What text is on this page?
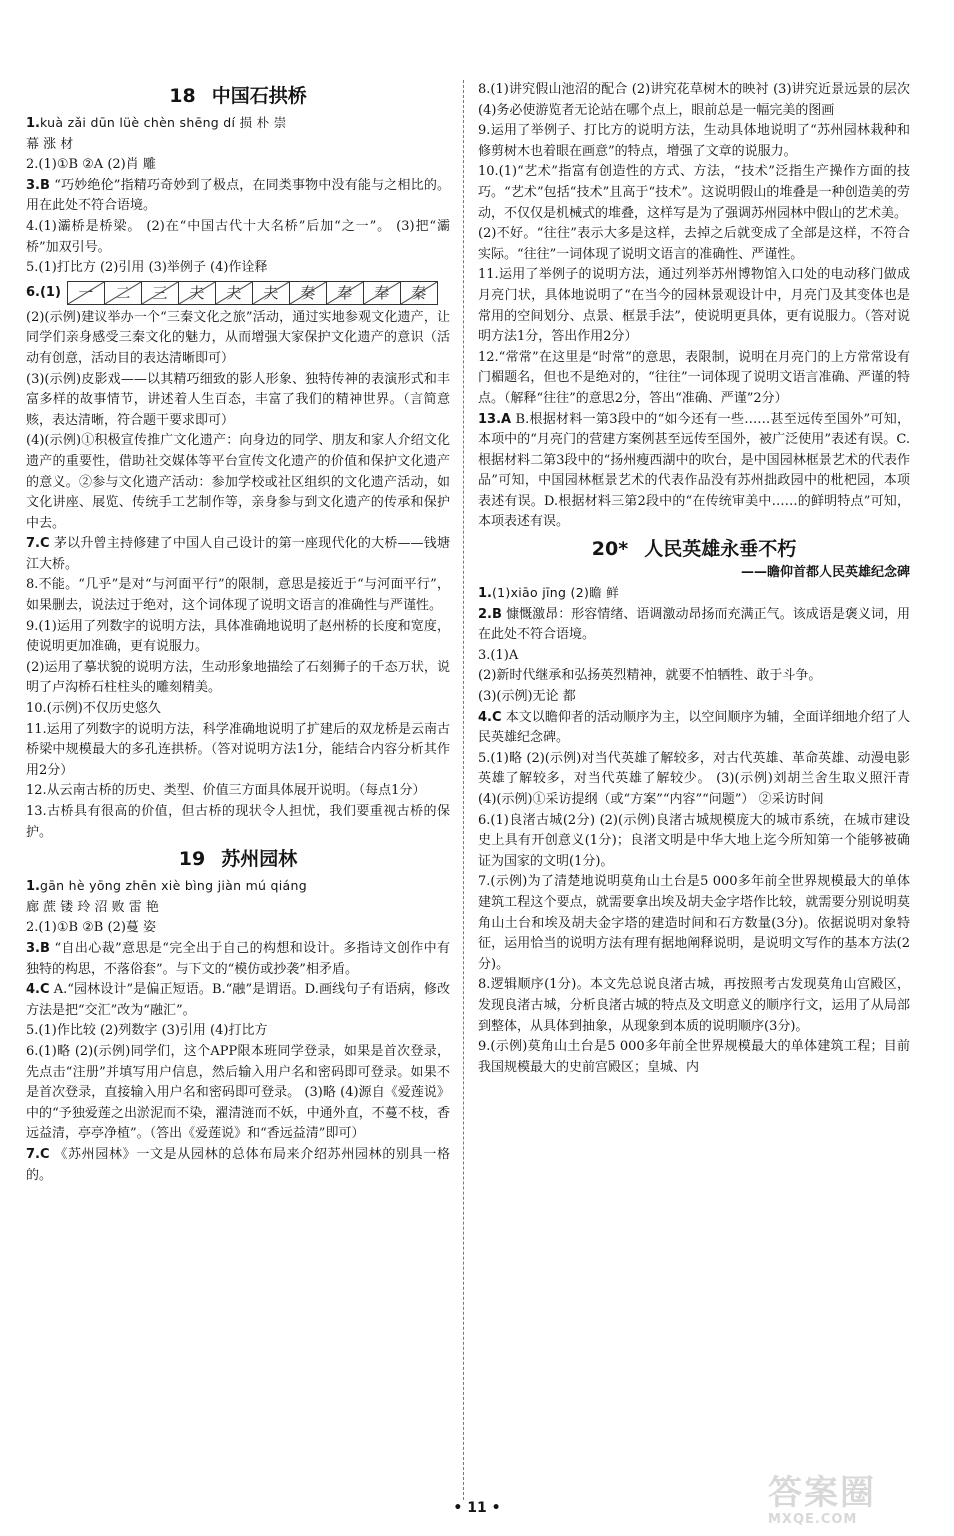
18 中国石拱桥

1.kuà zǎi dūn lüè chèn shēng dí 损 朴 崇

幕 涨 材

2.(1)①B ②A (2)肖 雕

3.B “巧妙绝伦”指精巧奇妙到了极点，在同类事物中没有能与之相比的。用在此处不符合语境。

4.(1)灞桥是桥梁。 (2)在“中国古代十大名桥”后加“之一”。 (3)把“灞桥”加双引号。

5.(1)打比方 (2)引用 (3)举例子 (4)作诠释

6.(1)	一	二	三	夫	夫	夫	奏	奉	奉	秦

(2)(示例)建议举办一个“三秦文化之旅”活动，通过实地参观文化遗产，让同学们亲身感受三秦文化的魅力，从而增强大家保护文化遗产的意识（活动有创意，活动目的表达清晰即可）

(3)(示例)皮影戏——以其精巧细致的影人形象、独特传神的表演形式和丰富多样的故事情节，讲述着人生百态，丰富了我们的精神世界。（言简意赅，表达清晰，符合题干要求即可）

(4)(示例)①积极宣传推广文化遗产：向身边的同学、朋友和家人介绍文化遗产的重要性，借助社交媒体等平台宣传文化遗产的价值和保护文化遗产的意义。②参与文化遗产活动：参加学校或社区组织的文化遗产活动，如文化讲座、展览、传统手工艺制作等，亲身参与到文化遗产的传承和保护中去。

7.C 茅以升曾主持修建了中国人自己设计的第一座现代化的大桥——钱塘江大桥。

8.不能。“几乎”是对“与河面平行”的限制，意思是接近于“与河面平行”，如果删去，说法过于绝对，这个词体现了说明文语言的准确性与严谨性。

9.(1)运用了列数字的说明方法，具体准确地说明了赵州桥的长度和宽度，使说明更加准确，更有说服力。

(2)运用了摹状貌的说明方法，生动形象地描绘了石刻狮子的千态万状，说明了卢沟桥石柱柱头的雕刻精美。

10.(示例)不仅历史悠久

11.运用了列数字的说明方法，科学准确地说明了扩建后的双龙桥是云南古桥梁中规模最大的多孔连拱桥。（答对说明方法1分，能结合内容分析其作用2分）

12.从云南古桥的历史、类型、价值三方面具体展开说明。（每点1分）

13.古桥具有很高的价值，但古桥的现状令人担忧，我们要重视古桥的保护。

19 苏州园林

1.gān hè yōng zhēn xiè bìng jiàn mú qiáng

廊 蔗 镂 玲 沼 败 雷 艳

2.(1)①B ②B (2)蔓 姿

3.B “自出心裁”意思是“完全出于自己的构想和设计。多指诗文创作中有独特的构思，不落俗套”。与下文的“模仿或抄袭”相矛盾。

4.C A.“园林设计”是偏正短语。B.“融”是谓语。D.画线句子有语病，修改方法是把“交汇”改为“融汇”。

5.(1)作比较 (2)列数字 (3)引用 (4)打比方

6.(1)略 (2)(示例)同学们，这个APP限本班同学登录，如果是首次登录，先点击“注册”并填写用户信息，然后输入用户名和密码即可登录。如果不是首次登录，直接输入用户名和密码即可登录。 (3)略 (4)源自《爱莲说》中的“予独爱莲之出淤泥而不染，濯清涟而不妖，中通外直，不蔓不枝，香远益清，亭亭净植”。（答出《爱莲说》和“香远益清”即可）

7.C 《苏州园林》一文是从园林的总体布局来介绍苏州园林的别具一格的。

8.(1)讲究假山池沼的配合 (2)讲究花草树木的映衬 (3)讲究近景远景的层次 (4)务必使游览者无论站在哪个点上，眼前总是一幅完美的图画

9.运用了举例子、打比方的说明方法，生动具体地说明了“苏州园林栽种和修剪树木也着眼在画意”的特点，增强了文章的说服力。

10.(1)“艺术”指富有创造性的方式、方法，“技术”泛指生产操作方面的技巧。“艺术”包括“技术”且高于“技术”。这说明假山的堆叠是一种创造美的劳动，不仅仅是机械式的堆叠，这样写是为了强调苏州园林中假山的艺术美。

(2)不好。“往往”表示大多是这样，去掉之后就变成了全部是这样，不符合实际。“往往”一词体现了说明文语言的准确性、严谨性。

11.运用了举例子的说明方法，通过列举苏州博物馆入口处的电动移门做成月亮门状，具体地说明了“在当今的园林景观设计中，月亮门及其变体也是常用的空间划分、点景、框景手法”，使说明更具体，更有说服力。（答对说明方法1分，答出作用2分）

12.“常常”在这里是“时常”的意思，表限制，说明在月亮门的上方常常设有门楣题名，但也不是绝对的，“往往”一词体现了说明文语言准确、严谨的特点。（解释“往往”的意思2分，答出“准确、严谨”2分）

13.A B.根据材料一第3段中的“如今还有一些……甚至远传至国外”可知，本项中的“月亮门的营建方案例甚至远传至国外，被广泛使用”表述有误。C.根据材料二第3段中的“扬州瘦西湖中的吹台，是中国园林框景艺术的代表作品”可知，中国园林框景艺术的代表作品没有苏州拙政园中的枇杷园，本项表述有误。D.根据材料三第2段中的“在传统审美中……的鲜明特点”可知，本项表述有误。

20* 人民英雄永垂不朽
——瞻仰首都人民英雄纪念碑

1.(1)xiāo jīng (2)瞻 鲜

2.B 慷慨激昂：形容情绪、语调激动昂扬而充满正气。该成语是褒义词，用在此处不符合语境。

3.(1)A

(2)新时代继承和弘扬英烈精神，就要不怕牺牲、敢于斗争。

(3)(示例)无论 都

4.C 本文以瞻仰者的活动顺序为主，以空间顺序为辅，全面详细地介绍了人民英雄纪念碑。

5.(1)略 (2)(示例)对当代英雄了解较多，对古代英雄、革命英雄、动漫电影英雄了解较多，对当代英雄了解较少。 (3)(示例)刘胡兰舍生取义照汗青 (4)(示例)①采访提纲（或“方案”“内容”“问题”） ②采访时间

6.(1)良渚古城(2分) (2)(示例)良渚古城规模庞大的城市系统，在城市建设史上具有开创意义(1分)；良渚文明是中华大地上迄今所知第一个能够被确证为国家的文明(1分)。

7.(示例)为了清楚地说明莫角山土台是5 000多年前全世界规模最大的单体建筑工程这个要点，就需要拿出埃及胡夫金字塔作比较，就需要分别说明莫角山土台和埃及胡夫金字塔的建造时间和石方数量(3分)。依据说明对象特征，运用恰当的说明方法有理有据地阐释说明，是说明文写作的基本方法(2分)。

8.逻辑顺序(1分)。本文先总说良渚古城，再按照考古发现莫角山宫殿区，发现良渚古城，分析良渚古城的特点及文明意义的顺序行文，运用了从局部到整体，从具体到抽象，从现象到本质的说明顺序(3分)。

9.(示例)莫角山土台是5 000多年前全世界规模最大的单体建筑工程；目前我国规模最大的史前宫殿区；皇城、内

• 11 •	答案圈
MXQE.COM
